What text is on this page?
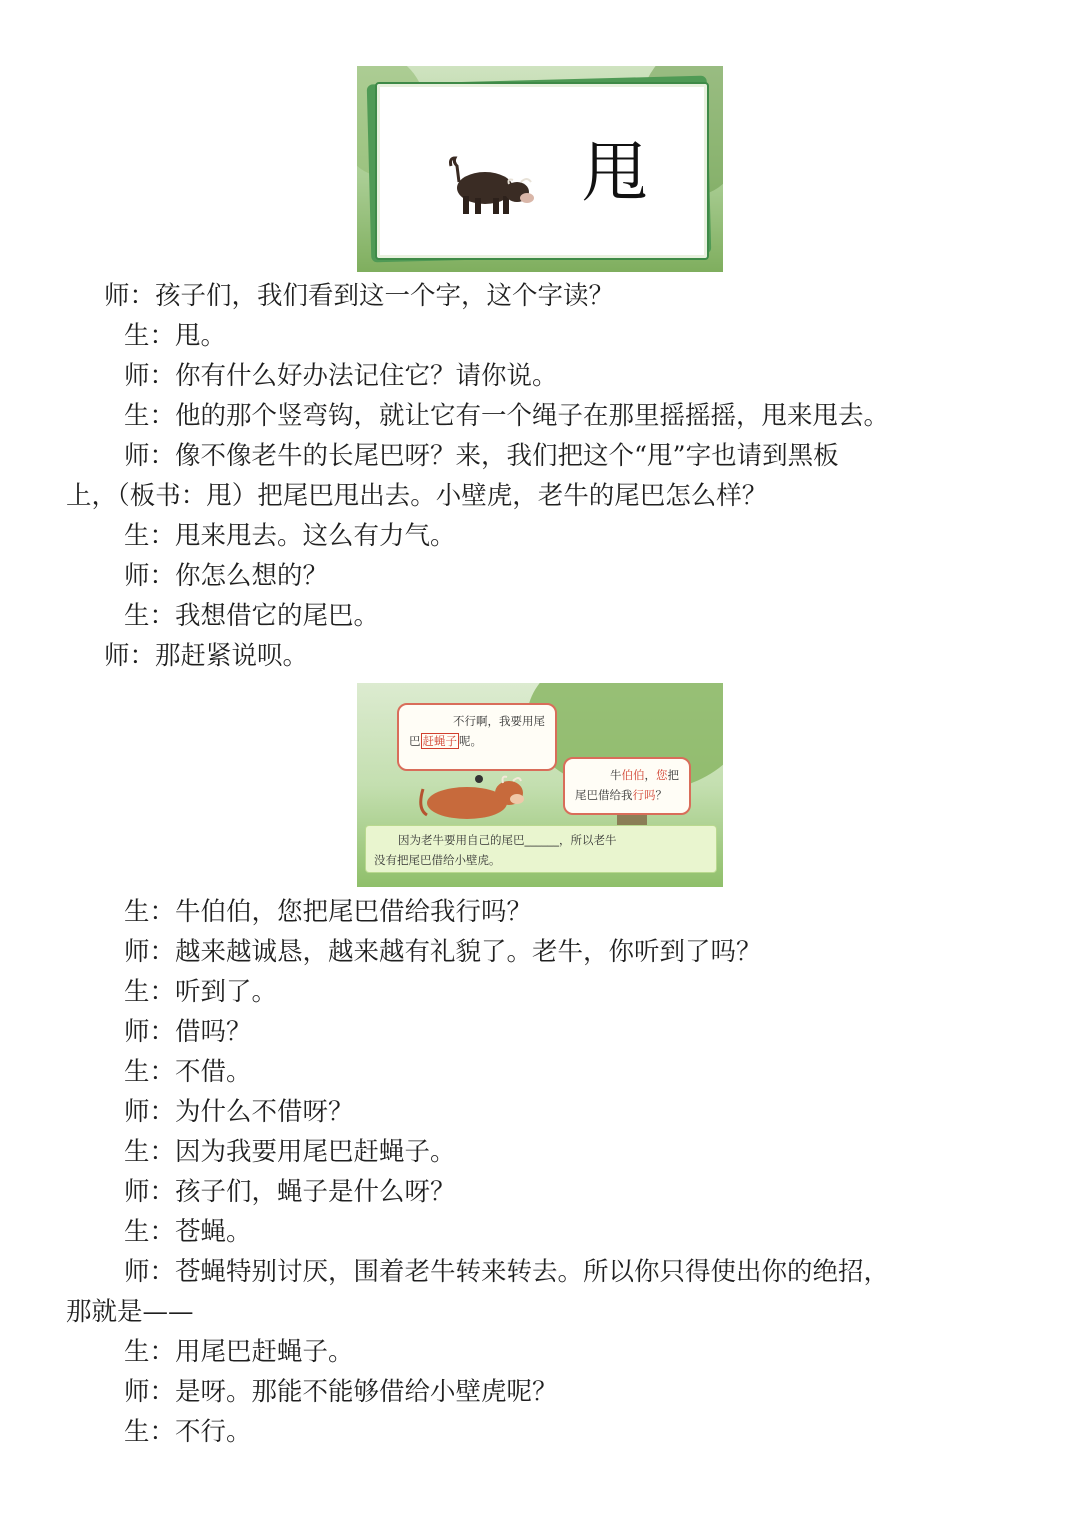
甩
师：孩子们，我们看到这一个字，这个字读？
生：甩。
师：你有什么好办法记住它？请你说。
生：他的那个竖弯钩，就让它有一个绳子在那里摇摇摇，甩来甩去。
师：像不像老牛的长尾巴呀？来，我们把这个“甩”字也请到黑板
上，（板书：甩）把尾巴甩出去。小壁虎，老牛的尾巴怎么样？
生：甩来甩去。这么有力气。
师：你怎么想的？
生：我想借它的尾巴。
师：那赶紧说呗。
不行啊，我要用尾
巴 赶蝇子 呢。
牛伯伯，您把
尾巴借给我行吗？
因为老牛要用自己的尾巴______，所以老牛
没有把尾巴借给小壁虎。
生：牛伯伯，您把尾巴借给我行吗？
师：越来越诚恳，越来越有礼貌了。老牛，你听到了吗？
生：听到了。
师：借吗？
生：不借。
师：为什么不借呀？
生：因为我要用尾巴赶蝇子。
师：孩子们，蝇子是什么呀？
生：苍蝇。
师：苍蝇特别讨厌，围着老牛转来转去。所以你只得使出你的绝招，
那就是——
生：用尾巴赶蝇子。
师：是呀。那能不能够借给小壁虎呢？
生：不行。
